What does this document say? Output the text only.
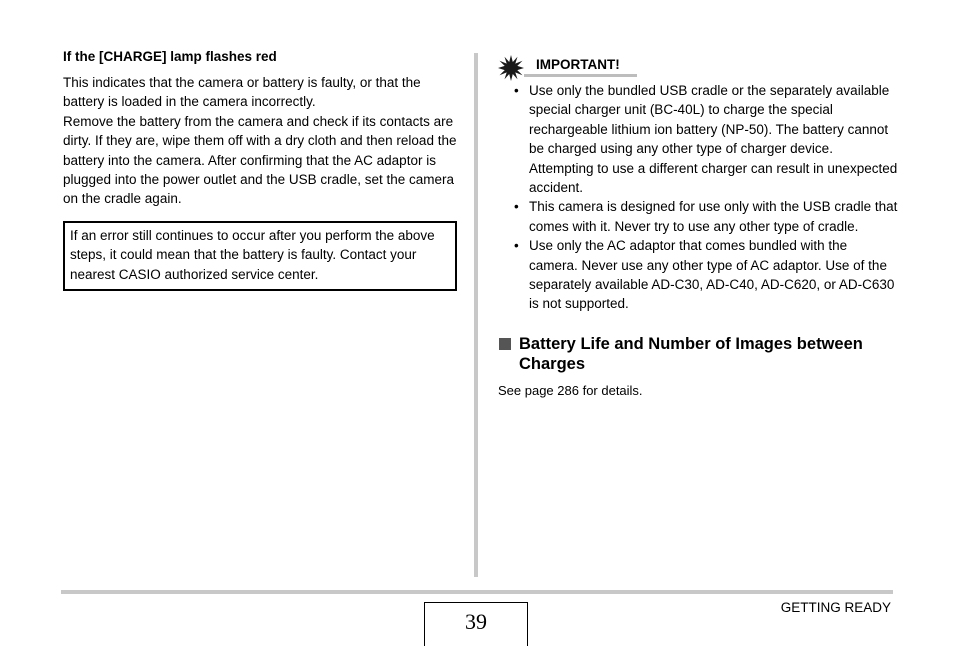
If the [CHARGE] lamp flashes red

This indicates that the camera or battery is faulty, or that the battery is loaded in the camera incorrectly.

Remove the battery from the camera and check if its contacts are dirty. If they are, wipe them off with a dry cloth and then reload the battery into the camera. After confirming that the AC adaptor is plugged into the power outlet and the USB cradle, set the camera on the cradle again.

If an error still continues to occur after you perform the above steps, it could mean that the battery is faulty. Contact your nearest CASIO authorized service center.
IMPORTANT!
• Use only the bundled USB cradle or the separately available special charger unit (BC-40L) to charge the special rechargeable lithium ion battery (NP-50). The battery cannot be charged using any other type of charger device. Attempting to use a different charger can result in unexpected accident.
• This camera is designed for use only with the USB cradle that comes with it. Never try to use any other type of cradle.
• Use only the AC adaptor that comes bundled with the camera. Never use any other type of AC adaptor. Use of the separately available AD-C30, AD-C40, AD-C620, or AD-C630 is not supported.
Battery Life and Number of Images between Charges
See page 286 for details.
39
GETTING READY
